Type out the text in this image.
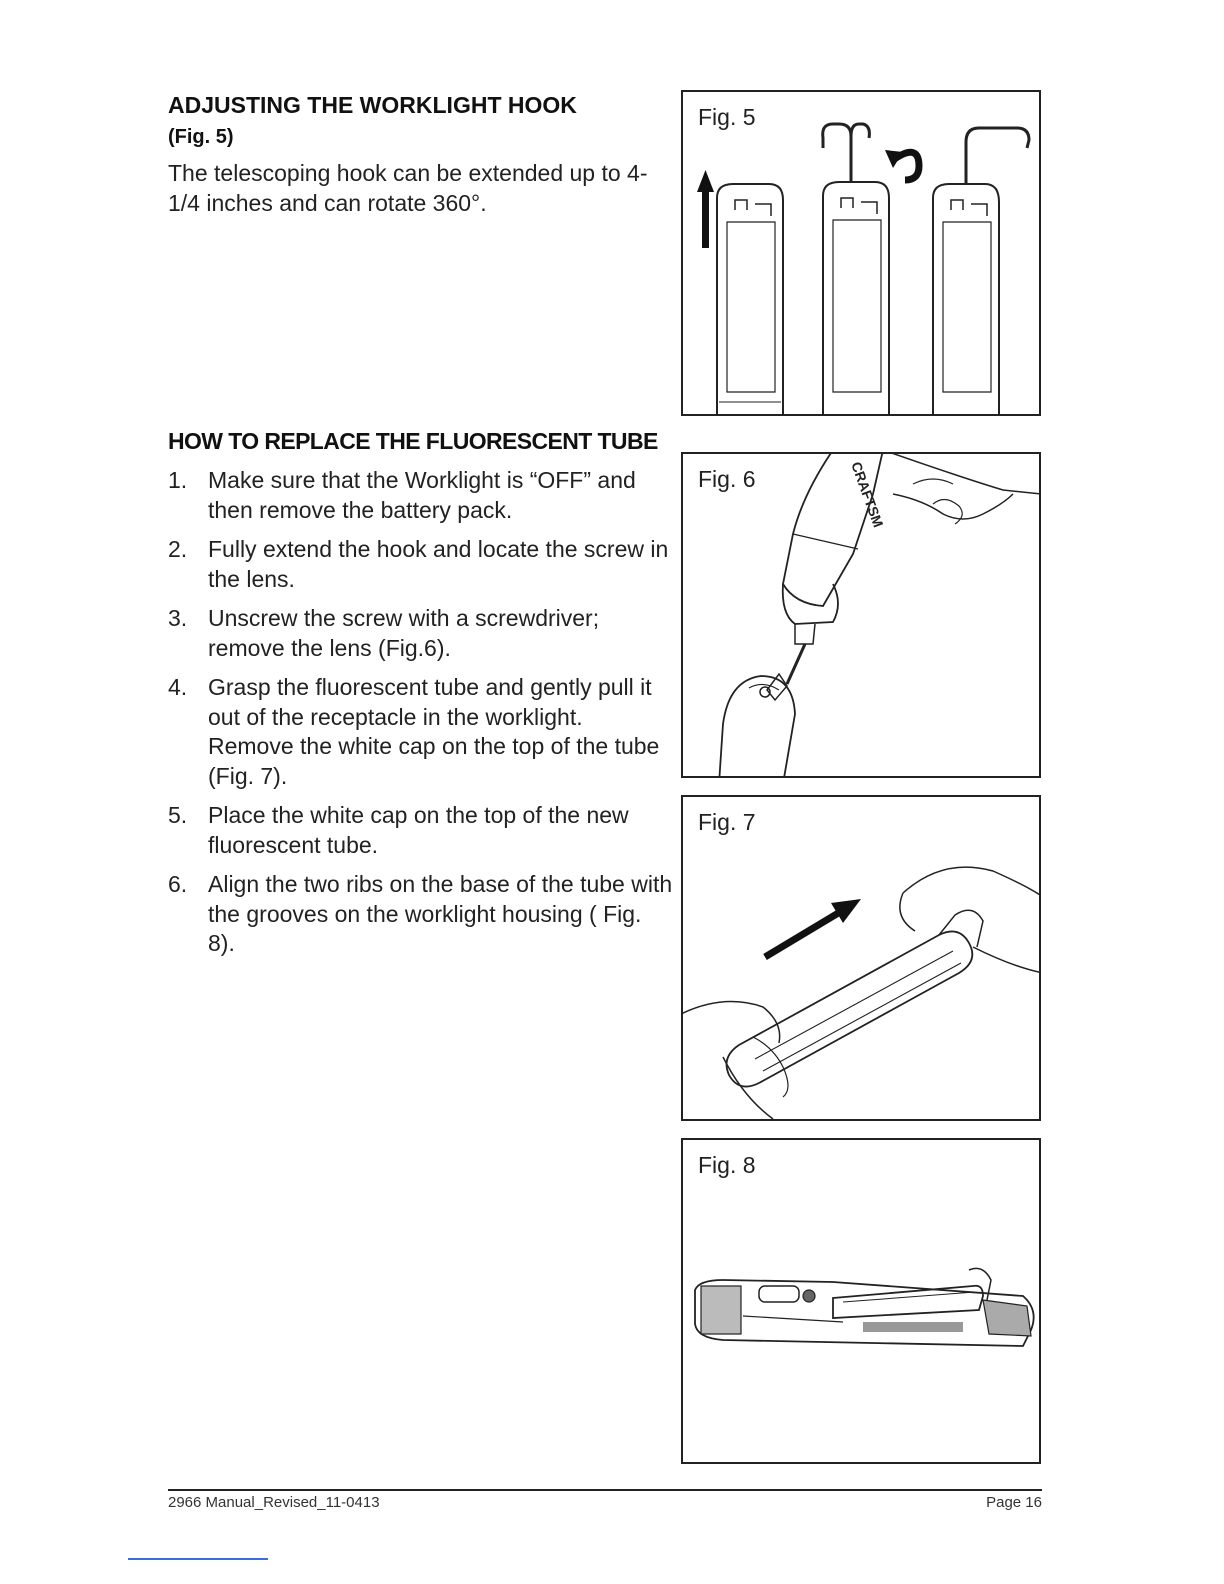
ADJUSTING THE WORKLIGHT HOOK
(Fig. 5)

The telescoping hook can be extended up to 4-1/4 inches and can rotate 360°.

HOW TO REPLACE THE FLUORESCENT TUBE
1. Make sure that the Worklight is “OFF” and then remove the battery pack.
2. Fully extend the hook and locate the screw in the lens.
3. Unscrew the screw with a screwdriver; remove the lens (Fig.6).
4. Grasp the fluorescent tube and gently pull it out of the receptacle in the worklight. Remove the white cap on the top of the tube (Fig. 7).
5. Place the white cap on the top of the new fluorescent tube.
6. Align the two ribs on the base of the tube with the grooves on the worklight housing ( Fig. 8).
Fig. 5
Fig. 6	CRAFTSM
Fig. 7
Fig. 8
2966 Manual_Revised_11-0413	Page 16
